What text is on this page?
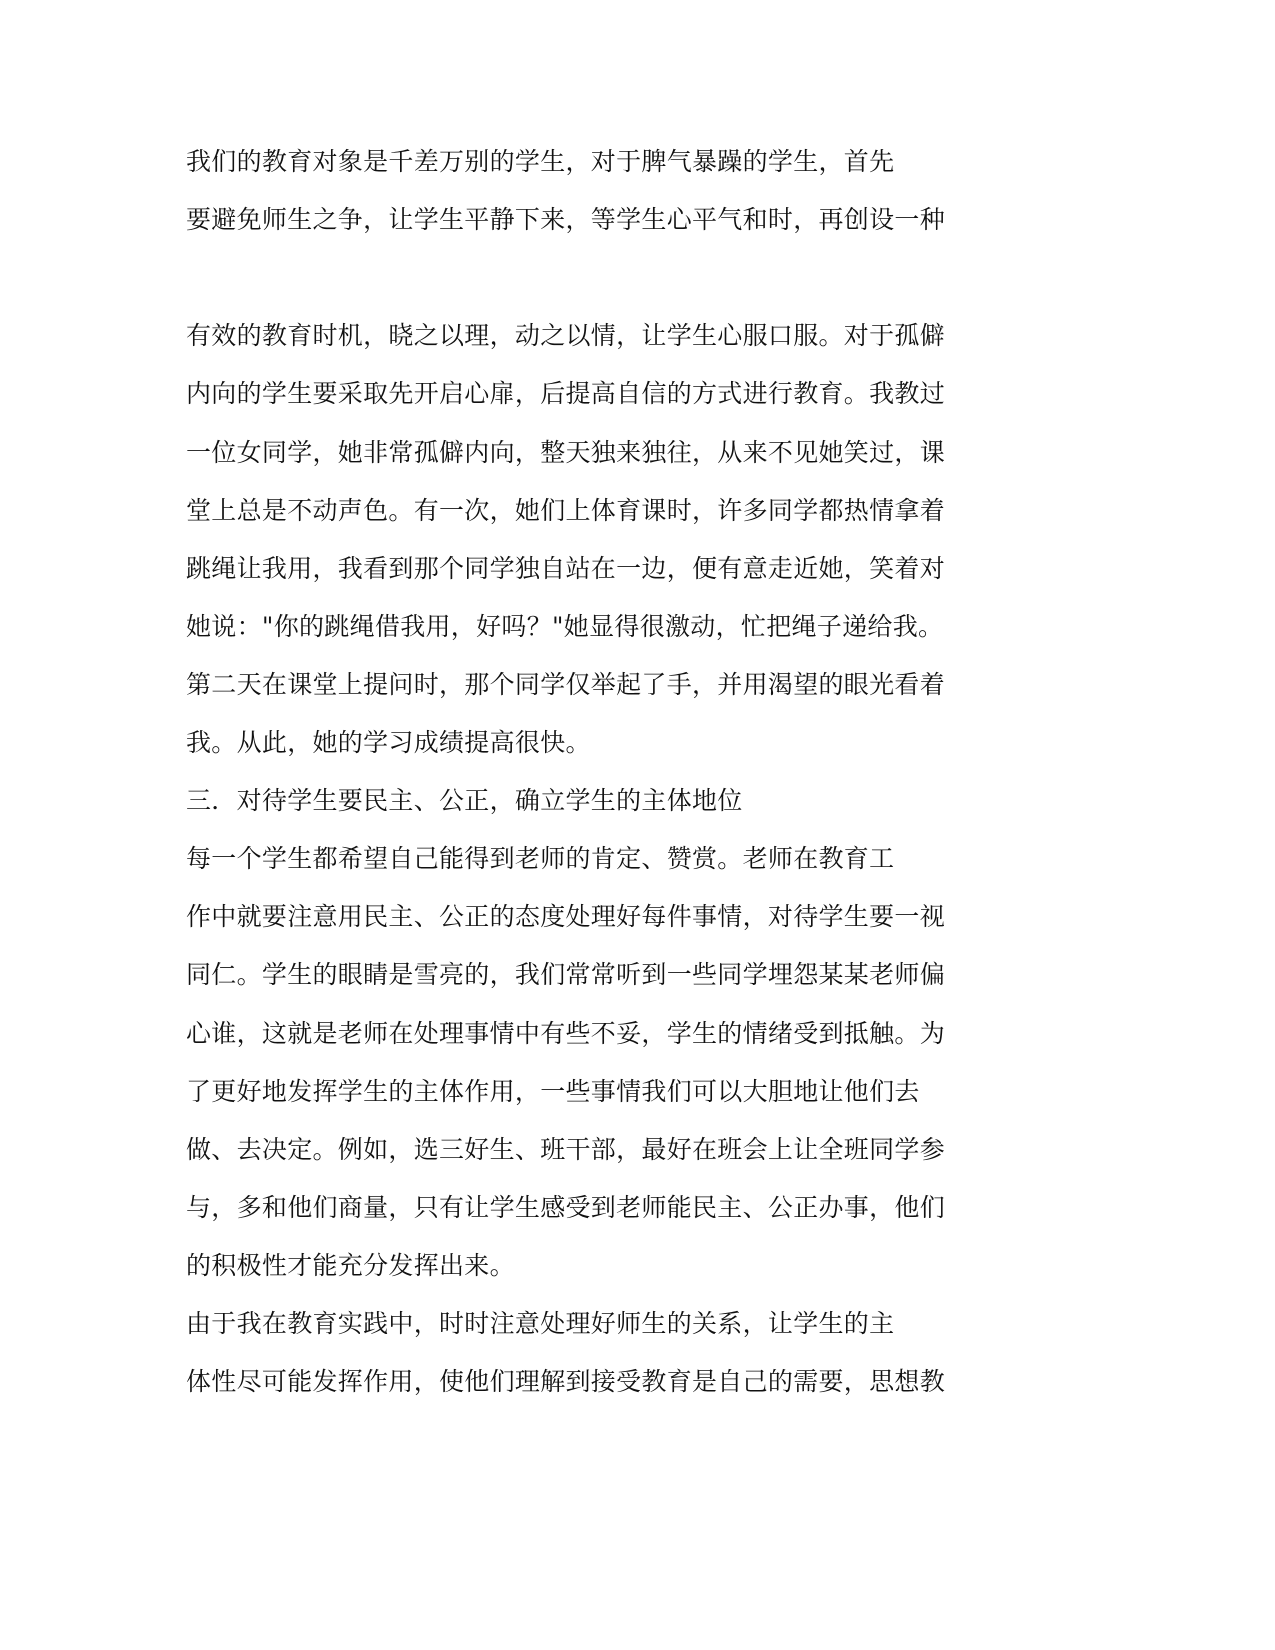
我们的教育对象是千差万别的学生，对于脾气暴躁的学生，首先
要避免师生之争，让学生平静下来，等学生心平气和时，再创设一种
有效的教育时机，晓之以理，动之以情，让学生心服口服。对于孤僻
内向的学生要采取先开启心扉，后提高自信的方式进行教育。我教过
一位女同学，她非常孤僻内向，整天独来独往，从来不见她笑过，课
堂上总是不动声色。有一次，她们上体育课时，许多同学都热情拿着
跳绳让我用，我看到那个同学独自站在一边，便有意走近她，笑着对
她说："你的跳绳借我用，好吗？"她显得很激动，忙把绳子递给我。
第二天在课堂上提问时，那个同学仅举起了手，并用渴望的眼光看着
我。从此，她的学习成绩提高很快。
三．对待学生要民主、公正，确立学生的主体地位
每一个学生都希望自己能得到老师的肯定、赞赏。老师在教育工
作中就要注意用民主、公正的态度处理好每件事情，对待学生要一视
同仁。学生的眼睛是雪亮的，我们常常听到一些同学埋怨某某老师偏
心谁，这就是老师在处理事情中有些不妥，学生的情绪受到抵触。为
了更好地发挥学生的主体作用，一些事情我们可以大胆地让他们去
做、去决定。例如，选三好生、班干部，最好在班会上让全班同学参
与，多和他们商量，只有让学生感受到老师能民主、公正办事，他们
的积极性才能充分发挥出来。
由于我在教育实践中，时时注意处理好师生的关系，让学生的主
体性尽可能发挥作用，使他们理解到接受教育是自己的需要，思想教
